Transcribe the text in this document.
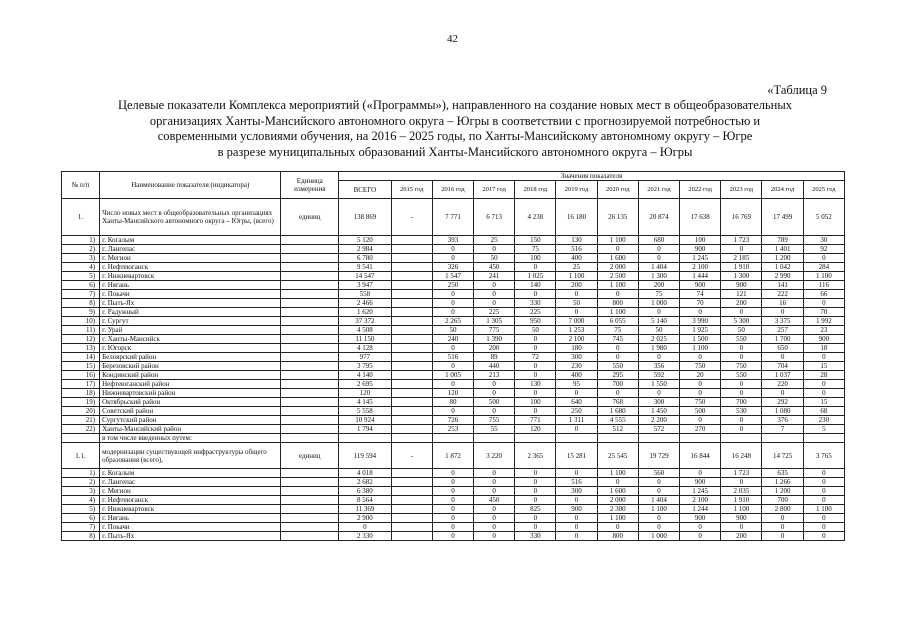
42
«Таблица 9
Целевые показатели Комплекса мероприятий («Программы»), направленного на создание новых мест в общеобразовательных
организациях Ханты-Мансийского автономного округа – Югры в соответствии с прогнозируемой потребностью и
современными условиями обучения, на 2016 – 2025 годы, по Ханты-Мансийскому автономному округу – Югре
в разрезе муниципальных образований Ханты-Мансийского автономного округа – Югры
№ п/п	Наименование показателя (индикатора)	Единица измерения	Значения показателя											
			ВСЕГО	2015 год	2016 год	2017 год	2018 год	2019 год	2020 год	2021 год	2022 год	2023 год	2024 год	2025 год
1.	Число новых мест в общеобразовательных организациях Ханты-Мансийского автономного округа – Югры, (всего)	единиц	138 869	-	7 771	6 713	4 238	16 180	26 135	20 874	17 638	16 769	17 499	5 052
1)	г. Когалым		5 120		393	25	150	130	1 100	680	100	1 723	789	30
2)	г. Лангепас		2 984		0	0	75	516	0	0	900	0	1 401	92
3)	г. Мегион		6 780		0	50	100	400	1 600	0	1 245	2 185	1 200	0
4)	г. Нефтеюганск		9 541		326	450	0	25	2 000	1 404	2 100	1 910	1 042	284
5)	г. Нижневартовск		14 547		1 547	241	1 025	1 100	2 500	1 300	1 444	1 300	2 990	1 100
6)	г. Нягань		3 947		250	0	140	200	1 100	200	900	900	141	116
7)	г. Покачи		558		0	0	0	0	0	75	74	121	222	66
8)	г. Пыть-Ях		2 466		0	0	330	50	800	1 000	70	200	16	0
9)	г. Радужный		1 620		0	225	225	0	1 100	0	0	0	0	70
10)	г. Сургут		37 372		2 265	1 305	950	7 000	6 055	5 140	3 990	5 300	3 375	1 992
11)	г. Урай		4 508		50	775	50	1 253	75	50	1 925	50	257	23
12)	г. Ханты-Мансийск		11 150		240	1 390	0	2 100	745	2 025	1 500	550	1 700	900
13)	г. Югорск		4 128		0	200	0	180	0	1 980	1 100	0	650	18
14)	Белоярский район		977		516	89	72	300	0	0	0	0	0	0
15)	Березовский район		3 795		0	440	0	230	550	356	750	750	704	15
16)	Кондинский район		4 140		1 005	213	0	400	295	592	20	550	1 037	28
17)	Нефтеюганский район		2 695		0	0	130	95	700	1 550	0	0	220	0
18)	Нижневартовский район		120		120	0	0	0	0	0	0	0	0	0
19)	Октябрьский район		4 145		80	500	100	640	768	300	750	700	292	15
20)	Советский район		5 558		0	0	0	250	1 680	1 450	500	530	1 080	68
21)	Сургутский район		10 924		726	755	771	1 311	4 555	2 200	0	0	376	230
22)	Ханты-Мансийский район		1 794		253	55	120	0	512	572	270	0	7	5
	в том числе введенных путем:													
1.1.	модернизации существующей инфраструктуры общего образования (всего),	единиц	119 594	-	1 872	3 220	2 365	15 281	25 545	19 729	16 844	16 248	14 725	3 765
1)	г. Когалым		4 018		0	0	0	0	1 100	560	0	1 723	635	0
2)	г. Лангепас		2 682		0	0	0	516	0	0	900	0	1 266	0
3)	г. Мегион		6 380		0	0	0	300	1 600	0	1 245	2 035	1 200	0
4)	г. Нефтеюганск		8 564		0	450	0	0	2 000	1 404	2 100	1 910	700	0
5)	г. Нижневартовск		11 369		0	0	825	900	2 300	1 100	1 244	1 100	2 800	1 100
6)	г. Нягань		2 900		0	0	0	0	1 100	0	900	900	0	0
7)	г. Покачи		0		0	0	0	0	0	0	0	0	0	0
8)	г. Пыть-Ях		2 330		0	0	330	0	800	1 000	0	200	0	0
